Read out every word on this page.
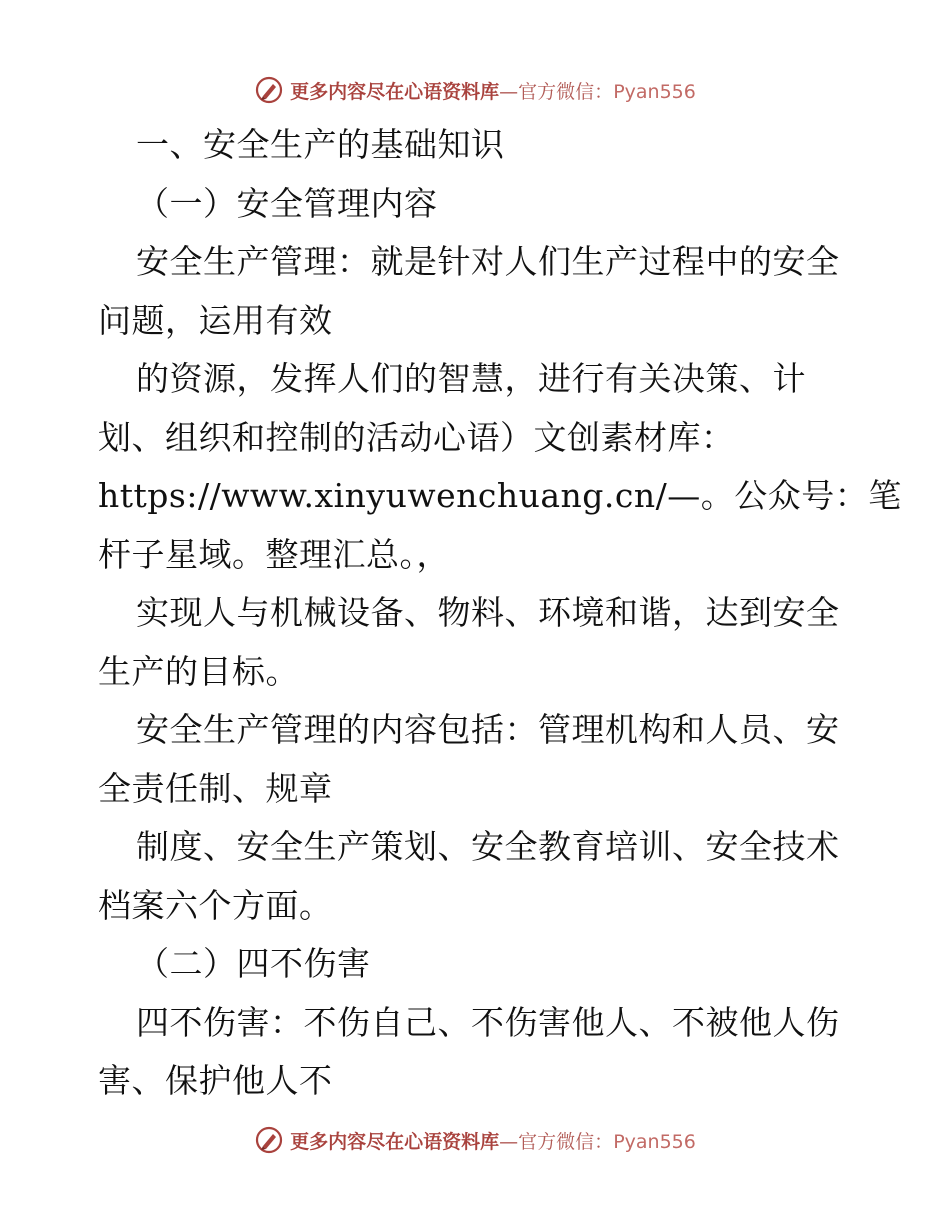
更多内容尽在心语资料库—官方微信：Pyan556
一、安全生产的基础知识
（一）安全管理内容
安全生产管理：就是针对人们生产过程中的安全
问题，运用有效
的资源，发挥人们的智慧，进行有关决策、计
划、组织和控制的活动心语）文创素材库：
https://www.xinyuwenchuang.cn/—。公众号：笔
杆子星域。整理汇总。，
实现人与机械设备、物料、环境和谐，达到安全
生产的目标。
安全生产管理的内容包括：管理机构和人员、安
全责任制、规章
制度、安全生产策划、安全教育培训、安全技术
档案六个方面。
（二）四不伤害
四不伤害：不伤自己、不伤害他人、不被他人伤
害、保护他人不
更多内容尽在心语资料库—官方微信：Pyan556
